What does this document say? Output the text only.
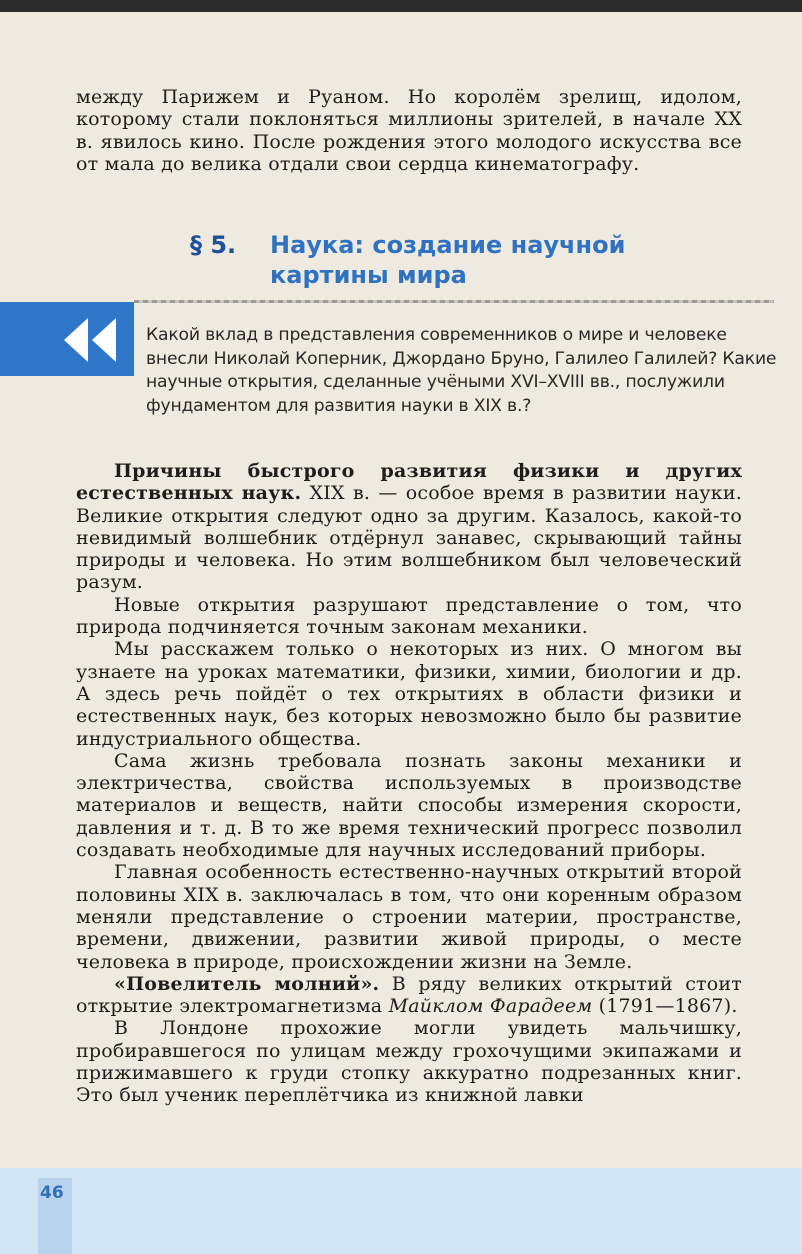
между Парижем и Руаном. Но королём зрелищ, идолом, которому стали поклоняться миллионы зрителей, в начале XX в. явилось кино. После рождения этого молодого искусства все от мала до велика отдали свои сердца кинематографу.

§ 5. Наука: создание научной
картины мира

Какой вклад в представления современников о мире и человеке внесли Николай Коперник, Джордано Бруно, Галилео Галилей? Какие научные открытия, сделанные учёными XVI–XVIII вв., послужили фундаментом для развития науки в XIX в.?

Причины быстрого развития физики и других естественных наук. XIX в. — особое время в развитии науки. Великие открытия следуют одно за другим. Казалось, какой-то невидимый волшебник отдёрнул занавес, скрывающий тайны природы и человека. Но этим волшебником был человеческий разум.

Новые открытия разрушают представление о том, что природа подчиняется точным законам механики.

Мы расскажем только о некоторых из них. О многом вы узнаете на уроках математики, физики, химии, биологии и др. А здесь речь пойдёт о тех открытиях в области физики и естественных наук, без которых невозможно было бы развитие индустриального общества.

Сама жизнь требовала познать законы механики и электричества, свойства используемых в производстве материалов и веществ, найти способы измерения скорости, давления и т. д. В то же время технический прогресс позволил создавать необходимые для научных исследований приборы.

Главная особенность естественно-научных открытий второй половины XIX в. заключалась в том, что они коренным образом меняли представление о строении материи, пространстве, времени, движении, развитии живой природы, о месте человека в природе, происхождении жизни на Земле.

«Повелитель молний». В ряду великих открытий стоит открытие электромагнетизма Майклом Фарадеем (1791—1867).

В Лондоне прохожие могли увидеть мальчишку, пробиравшегося по улицам между грохочущими экипажами и прижимавшего к груди стопку аккуратно подрезанных книг. Это был ученик переплётчика из книжной лавки

46
